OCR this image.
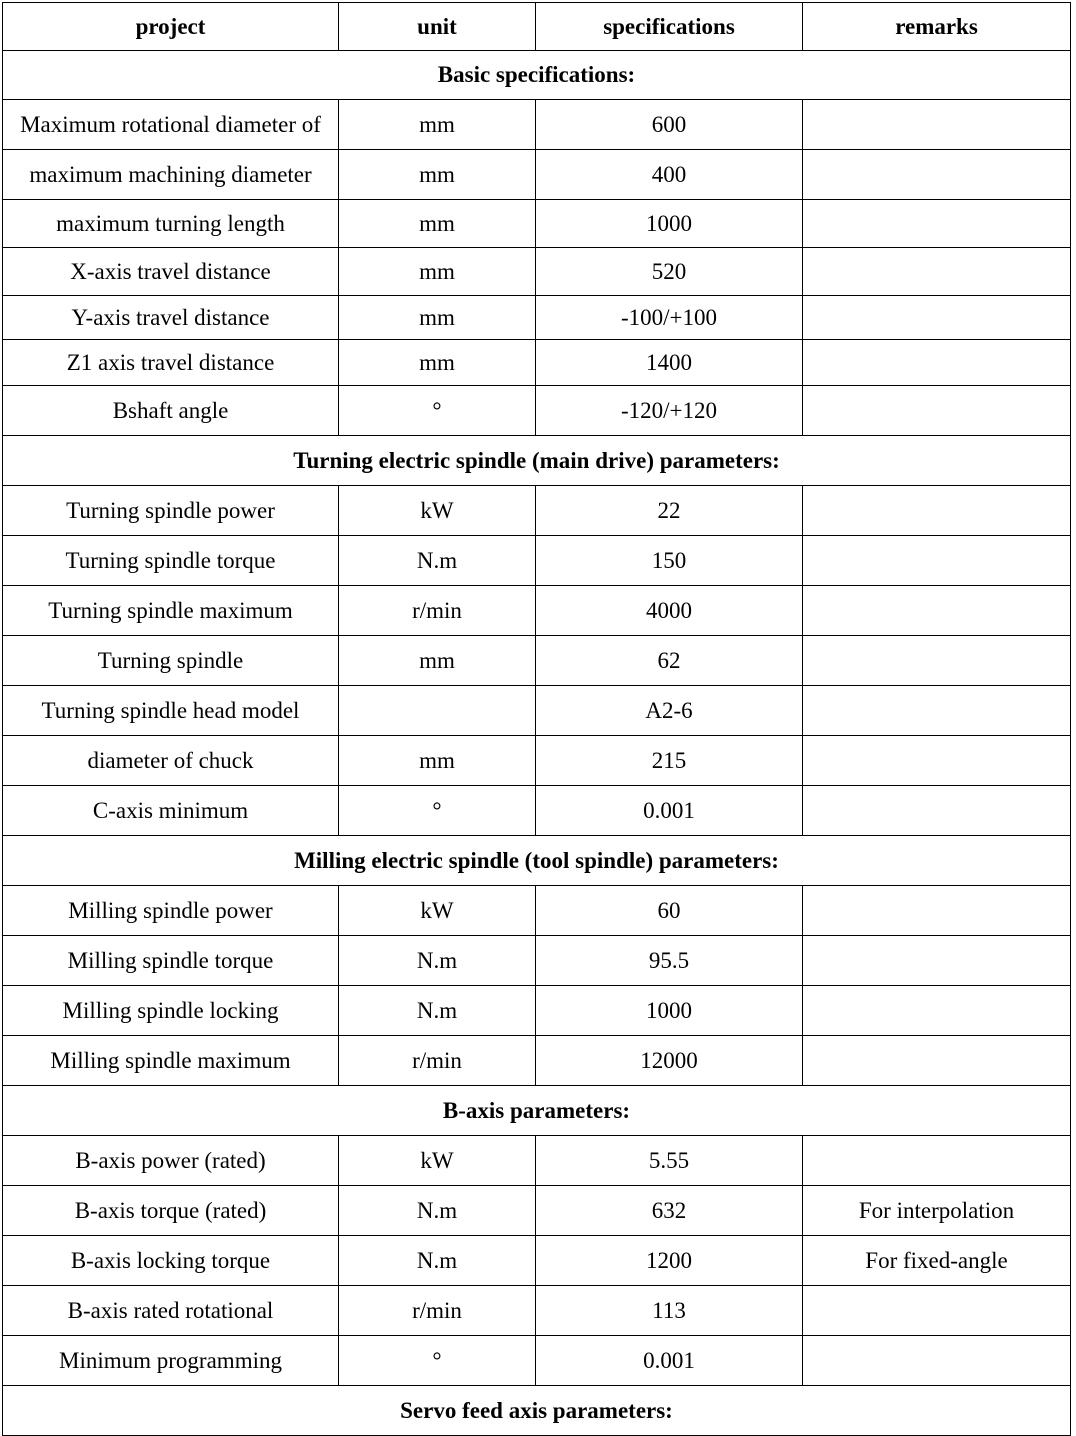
project	unit	specifications	remarks
Basic specifications:			
Maximum rotational diameter of	mm	600	
maximum machining diameter	mm	400	
maximum turning length	mm	1000	
X-axis travel distance	mm	520	
Y-axis travel distance	mm	-100/+100	
Z1 axis travel distance	mm	1400	
Bshaft angle	°	-120/+120	
Turning electric spindle (main drive) parameters:			
Turning spindle power	kW	22	
Turning spindle torque	N.m	150	
Turning spindle maximum	r/min	4000	
Turning spindle	mm	62	
Turning spindle head model		A2-6	
diameter of chuck	mm	215	
C-axis minimum	°	0.001	
Milling electric spindle (tool spindle) parameters:			
Milling spindle power	kW	60	
Milling spindle torque	N.m	95.5	
Milling spindle locking	N.m	1000	
Milling spindle maximum	r/min	12000	
B-axis parameters:			
B-axis power (rated)	kW	5.55	
B-axis torque (rated)	N.m	632	For interpolation
B-axis locking torque	N.m	1200	For fixed-angle
B-axis rated rotational	r/min	113	
Minimum programming	°	0.001	
Servo feed axis parameters:			
